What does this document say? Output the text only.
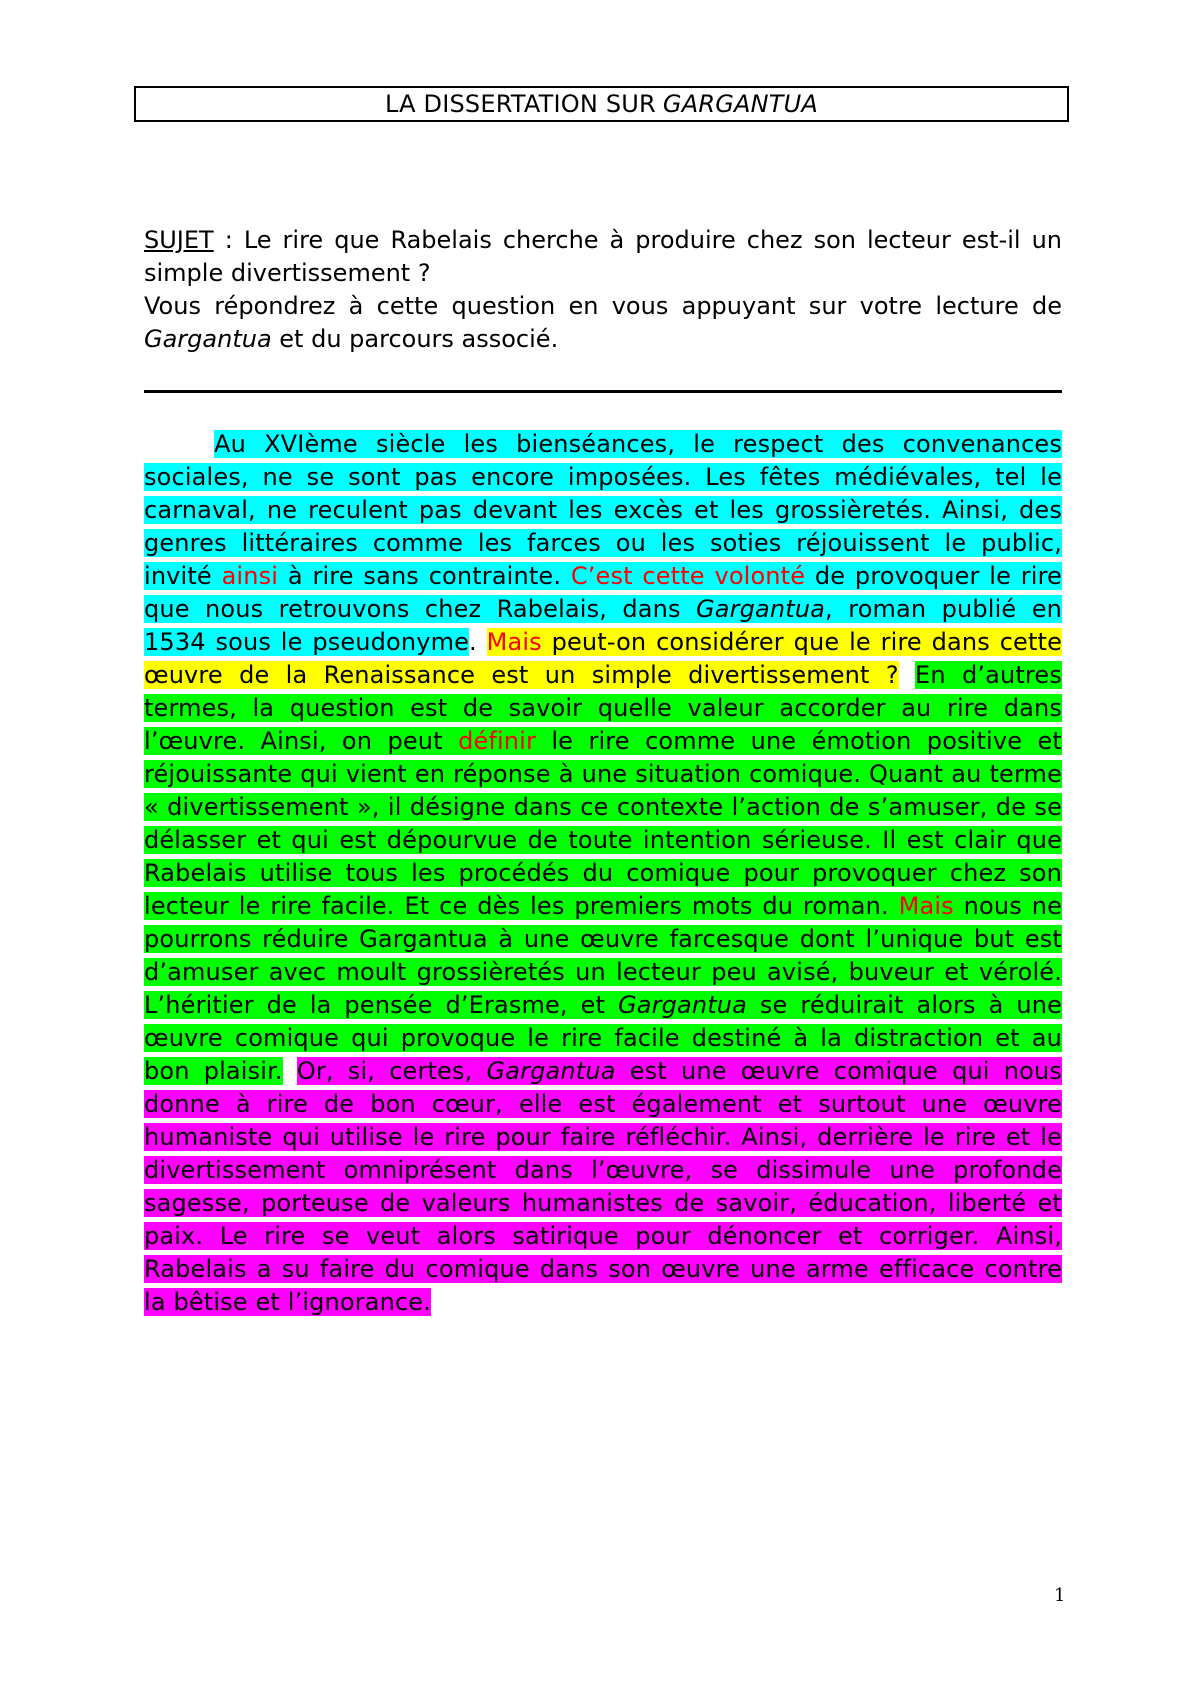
LA DISSERTATION SUR GARGANTUA
SUJET : Le rire que Rabelais cherche à produire chez son lecteur est-il un simple divertissement ?
Vous répondrez à cette question en vous appuyant sur votre lecture de Gargantua et du parcours associé.

Au XVIème siècle les bienséances, le respect des convenances sociales, ne se sont pas encore imposées. Les fêtes médiévales, tel le carnaval, ne reculent pas devant les excès et les grossièretés. Ainsi, des genres littéraires comme les farces ou les soties réjouissent le public, invité ainsi à rire sans contrainte. C’est cette volonté de provoquer le rire que nous retrouvons chez Rabelais, dans Gargantua, roman publié en 1534 sous le pseudonyme. Mais peut-on considérer que le rire dans cette œuvre de la Renaissance est un simple divertissement ? En d’autres termes, la question est de savoir quelle valeur accorder au rire dans l’œuvre. Ainsi, on peut définir le rire comme une émotion positive et réjouissante qui vient en réponse à une situation comique. Quant au terme « divertissement », il désigne dans ce contexte l’action de s’amuser, de se délasser et qui est dépourvue de toute intention sérieuse. Il est clair que Rabelais utilise tous les procédés du comique pour provoquer chez son lecteur le rire facile. Et ce dès les premiers mots du roman. Mais nous ne pourrons réduire Gargantua à une œuvre farcesque dont l’unique but est d’amuser avec moult grossièretés un lecteur peu avisé, buveur et vérolé. L’héritier de la pensée d’Erasme, et Gargantua se réduirait alors à une œuvre comique qui provoque le rire facile destiné à la distraction et au bon plaisir. Or, si, certes, Gargantua est une œuvre comique qui nous donne à rire de bon cœur, elle est également et surtout une œuvre humaniste qui utilise le rire pour faire réfléchir. Ainsi, derrière le rire et le divertissement omniprésent dans l’œuvre, se dissimule une profonde sagesse, porteuse de valeurs humanistes de savoir, éducation, liberté et paix. Le rire se veut alors satirique pour dénoncer et corriger. Ainsi, Rabelais a su faire du comique dans son œuvre une arme efficace contre la bêtise et l’ignorance.

1
